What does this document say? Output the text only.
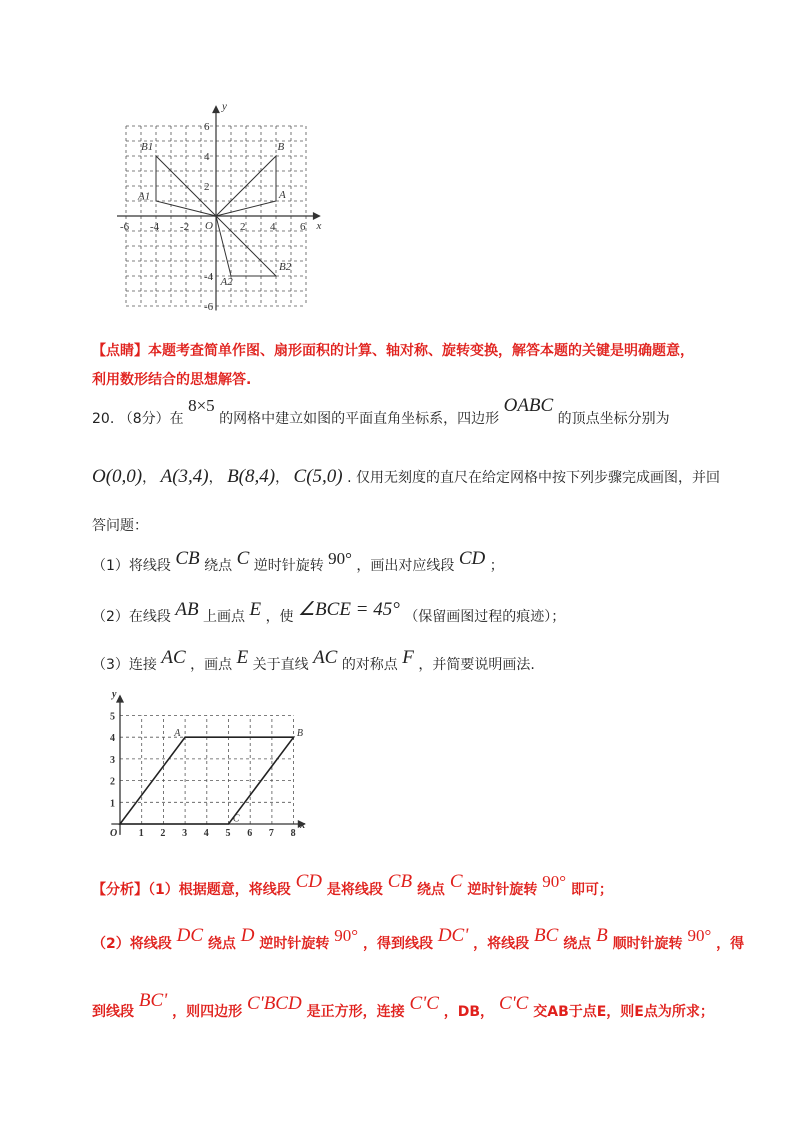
y
x
O
-6 -4 -2	2 4 6
6
4
2
-4
-6
B1	B
A1	A
B2
A2
【点睛】本题考查简单作图、扇形面积的计算、轴对称、旋转变换，解答本题的关键是明确题意，
利用数形结合的思想解答.
20. （8分）在 8×5 的网格中建立如图的平面直角坐标系，四边形 OABC 的顶点坐标分别为
O(0,0)， A(3,4)， B(8,4)， C(5,0) . 仅用无刻度的直尺在给定网格中按下列步骤完成画图，并回
答问题：
（1）将线段 CB 绕点 C 逆时针旋转 90° ，画出对应线段 CD ；
（2）在线段 AB 上画点 E ，使 ∠BCE = 45° （保留画图过程的痕迹）；
（3）连接 AC ，画点 E 关于直线 AC 的对称点 F ，并简要说明画法.
y
x
O 1 2 3 4 5 6 7 8
1
2
3
4
5
A	B
C
【分析】（1）根据题意，将线段 CD 是将线段 CB 绕点 C 逆时针旋转 90° 即可；
（2）将线段 DC 绕点 D 逆时针旋转 90° ，得到线段 DC' ，将线段 BC 绕点 B 顺时针旋转 90° ，得
到线段 BC' ，则四边形 C'BCD 是正方形，连接 C'C ，DB， C'C 交AB于点E，则E点为所求；
